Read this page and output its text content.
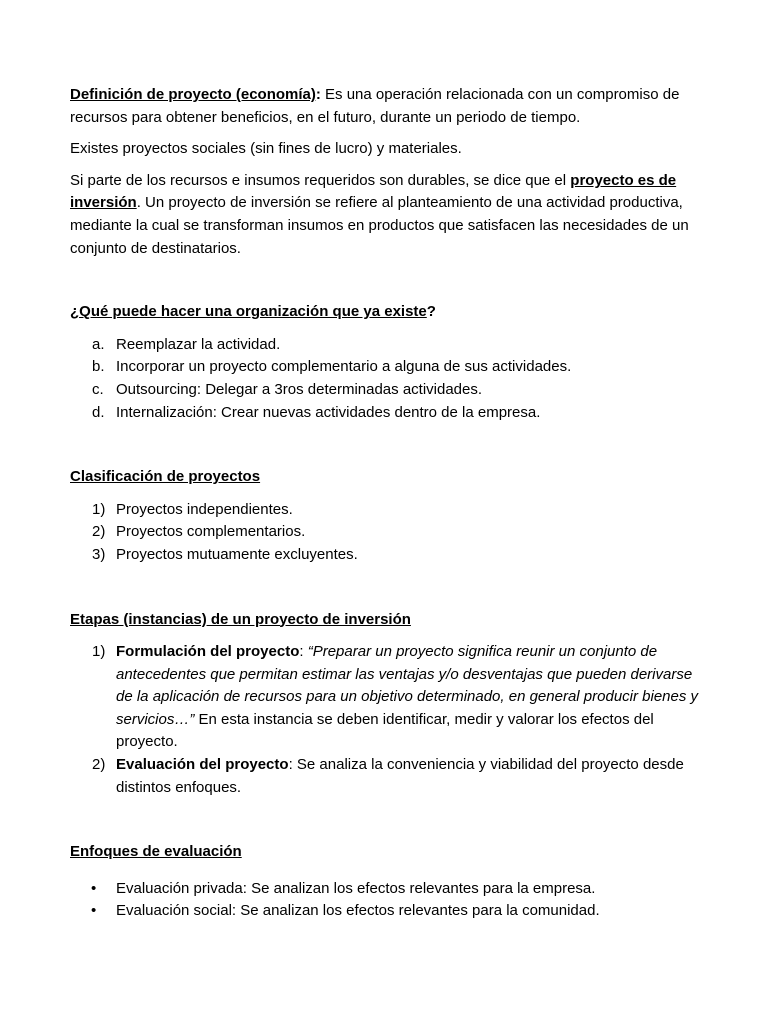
Definición de proyecto (economía): Es una operación relacionada con un compromiso de recursos para obtener beneficios, en el futuro, durante un periodo de tiempo.

Existes proyectos sociales (sin fines de lucro) y materiales.

Si parte de los recursos e insumos requeridos son durables, se dice que el proyecto es de inversión. Un proyecto de inversión se refiere al planteamiento de una actividad productiva, mediante la cual se transforman insumos en productos que satisfacen las necesidades de un conjunto de destinatarios.

¿Qué puede hacer una organización que ya existe?

a. Reemplazar la actividad.
b. Incorporar un proyecto complementario a alguna de sus actividades.
c. Outsourcing: Delegar a 3ros determinadas actividades.
d. Internalización: Crear nuevas actividades dentro de la empresa.

Clasificación de proyectos

1) Proyectos independientes.
2) Proyectos complementarios.
3) Proyectos mutuamente excluyentes.

Etapas (instancias) de un proyecto de inversión

1) Formulación del proyecto: “Preparar un proyecto significa reunir un conjunto de antecedentes que permitan estimar las ventajas y/o desventajas que pueden derivarse de la aplicación de recursos para un objetivo determinado, en general producir bienes y servicios…” En esta instancia se deben identificar, medir y valorar los efectos del proyecto.
2) Evaluación del proyecto: Se analiza la conveniencia y viabilidad del proyecto desde distintos enfoques.

Enfoques de evaluación

• Evaluación privada: Se analizan los efectos relevantes para la empresa.
• Evaluación social: Se analizan los efectos relevantes para la comunidad.
